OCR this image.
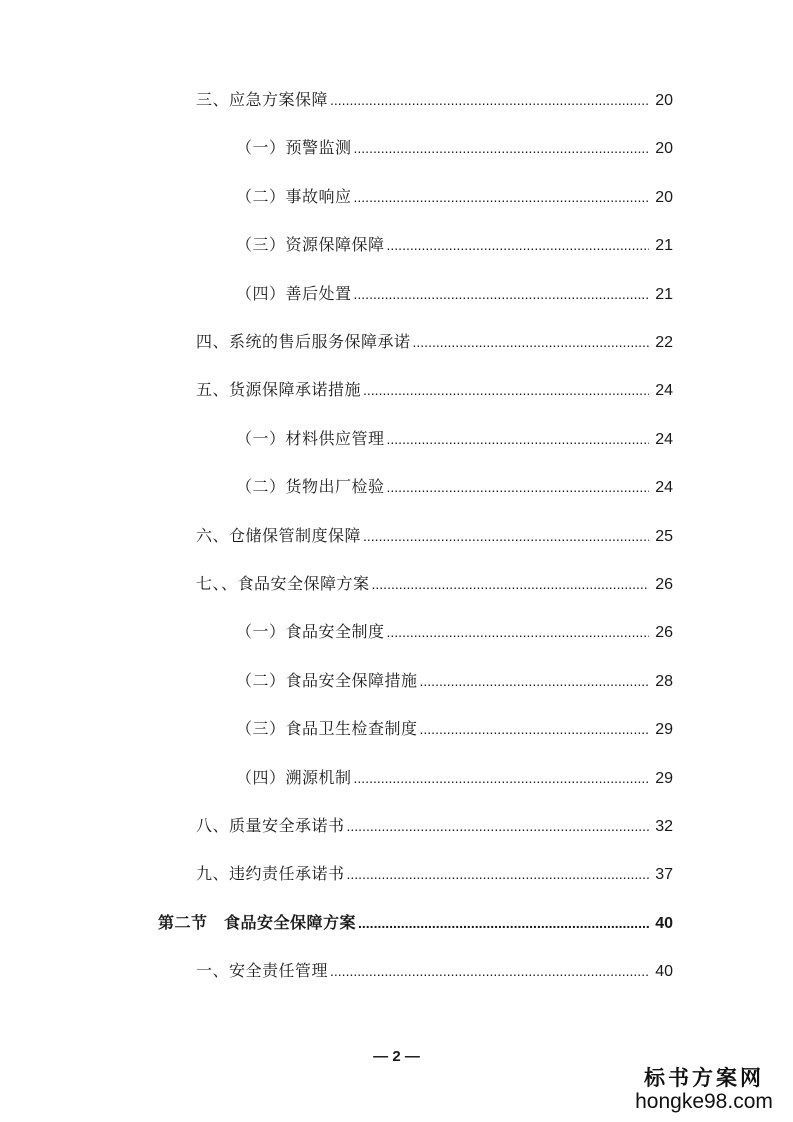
三、应急方案保障 .....	20
（一）预警监测 .....	20
（二）事故响应 .....	20
（三）资源保障保障 .....	21
（四）善后处置 .....	21
四、系统的售后服务保障承诺 .....	22
五、货源保障承诺措施 .....	24
（一）材料供应管理 .....	24
（二）货物出厂检验 .....	24
六、仓储保管制度保障 .....	25
七、、食品安全保障方案 .....	26
（一）食品安全制度 .....	26
（二）食品安全保障措施 .....	28
（三）食品卫生检查制度 .....	29
（四）溯源机制 .....	29
八、质量安全承诺书 .....	32
九、违约责任承诺书 .....	37
第二节　食品安全保障方案 .....	40
一、安全责任管理 .....	40
— 2 —
标书方案网
hongke98.com
